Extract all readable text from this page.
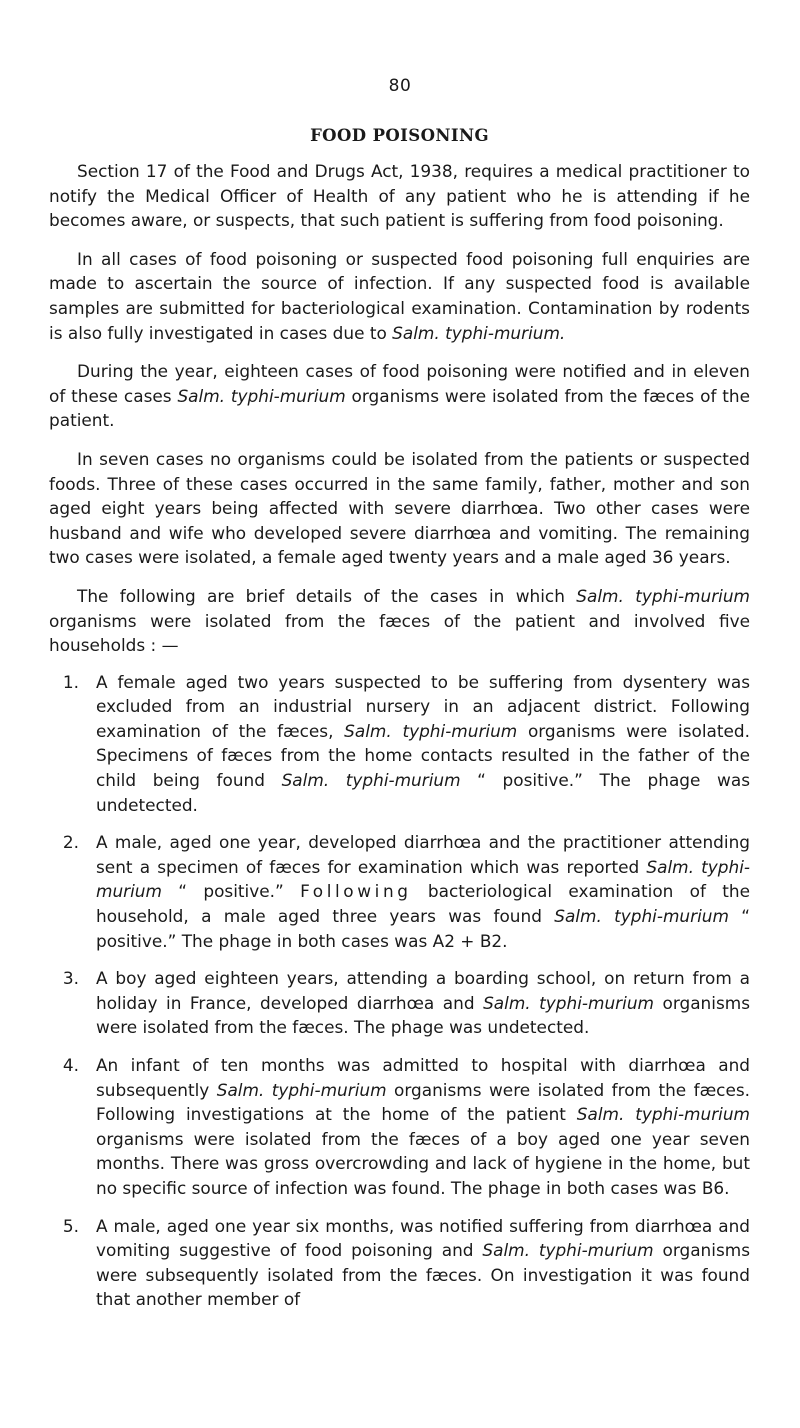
80
FOOD POISONING

Section 17 of the Food and Drugs Act, 1938, requires a medical practitioner to notify the Medical Officer of Health of any patient who he is attending if he becomes aware, or suspects, that such patient is suffering from food poisoning.

In all cases of food poisoning or suspected food poisoning full enquiries are made to ascertain the source of infection. If any suspected food is available samples are submitted for bacteriological examination. Contamination by rodents is also fully investigated in cases due to Salm. typhi-murium.

During the year, eighteen cases of food poisoning were notified and in eleven of these cases Salm. typhi-murium organisms were isolated from the fæces of the patient.

In seven cases no organisms could be isolated from the patients or suspected foods. Three of these cases occurred in the same family, father, mother and son aged eight years being affected with severe diarrhœa. Two other cases were husband and wife who developed severe diarrhœa and vomiting. The remaining two cases were isolated, a female aged twenty years and a male aged 36 years.

The following are brief details of the cases in which Salm. typhi-murium organisms were isolated from the fæces of the patient and involved five households : —

1. A female aged two years suspected to be suffering from dysentery was excluded from an industrial nursery in an adjacent district. Following examination of the fæces, Salm. typhi-murium organisms were isolated. Specimens of fæces from the home contacts resulted in the father of the child being found Salm. typhi-murium “ positive.” The phage was undetected.
2. A male, aged one year, developed diarrhœa and the practitioner attending sent a specimen of fæces for examination which was reported Salm. typhi-murium “ positive.” Following bacteriological examination of the household, a male aged three years was found Salm. typhi-murium “ positive.” The phage in both cases was A2 + B2.
3. A boy aged eighteen years, attending a boarding school, on return from a holiday in France, developed diarrhœa and Salm. typhi-murium organisms were isolated from the fæces. The phage was undetected.
4. An infant of ten months was admitted to hospital with diarrhœa and subsequently Salm. typhi-murium organisms were isolated from the fæces. Following investigations at the home of the patient Salm. typhi-murium organisms were isolated from the fæces of a boy aged one year seven months. There was gross overcrowding and lack of hygiene in the home, but no specific source of infection was found. The phage in both cases was B6.
5. A male, aged one year six months, was notified suffering from diarrhœa and vomiting suggestive of food poisoning and Salm. typhi-murium organisms were subsequently isolated from the fæces. On investigation it was found that another member of
